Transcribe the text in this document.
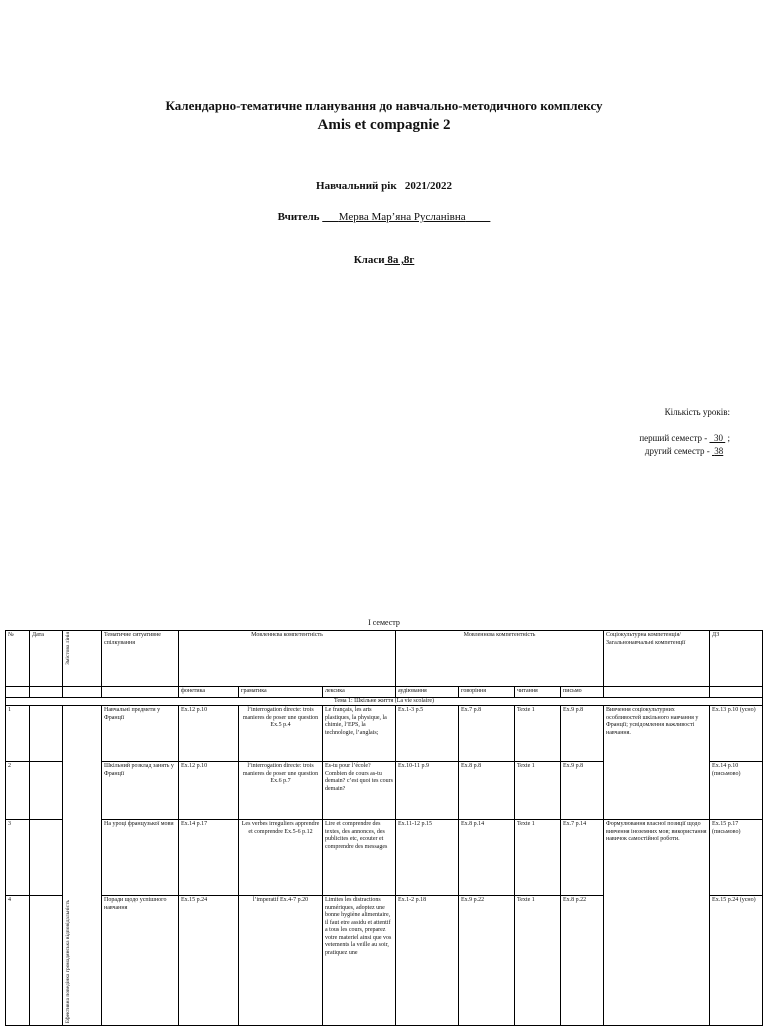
Календарно-тематичне планування до навчально-методичного комплексу
Amis et compagnie 2
Навчальний рік 2021/2022
Вчитель Мерва Мар’яна Русланівна
Класи 8а ,8г
Кількість уроків:
перший семестр - 30 ;
другий семестр - 38
І семестр
№	Дата	Змістова лінія	Тематичне ситуативне спілкування	Мовленнєва компетентність			Мовленнєва компетентність				Соціокультурна компетенція/ Загальнонавчальні компетенції	ДЗ
				фонетика	граматика	лексика	аудіювання	говоріння	читання	письмо		
Тема 1: Шкільне життя (La vie scolaire)												
1		Ефективна поведінка громадянська відповідальність	Навчальні предмети у Франції	Ex.12 p.10	l’interrogation directe: trois manieres de poser une question Ex.5 p.4	Le français, les arts plastiques, la physique, la chimie, l’EPS, la technologie, l’anglais;	Ex.1-3 p.5	Ex.7 p.8	Texte 1	Ex.9 p.8	Вивчення соціокультурних особливостей шкільного навчання у Франції; усвідомлення важливості навчання.	Ex.13 p.10 (усно)
2			Шкільний розклад занять у Франції	Ex.12 p.10	l’interrogation directe: trois manieres de poser une question Ex.6 p.7	Es-tu pour l’école? Combien de cours as-tu demain? c’est quoi tes cours demain?	Ex.10-11 p.9	Ex.8 p.8	Texte 1	Ex.9 p.8		Ex.14 p.10 (письмово)
3			На уроці французької мови	Ex.14 p.17	Les verbes irreguliers apprendre et comprendre Ex.5-6 p.12	Lire et comprendre des textes, des annonces, des publicites etc, ecouter et comprendre des messages	Ex.11-12 p.15	Ex.8 p.14	Texte 1	Ex.7 p.14	Формулювання власної позиції щодо вивчення іноземних мов; використання навичок самостійної роботи.	Ex.15 p.17 (письмово)
4			Поради щодо успішного навчання	Ex.15 p.24	l’imperatif Ex.4-7 p.20	Limites les distractions numériques, adoptez une bonne hygiène alimentaire, il faut etre assidu et attentif a tous les cours, preparez votre materiel ainsi que vos vetements la veille au soir, pratiquez une	Ex.1-2 p.18	Ex.9 p.22	Texte 1	Ex.8 p.22		Ex.15 p.24 (усно)
